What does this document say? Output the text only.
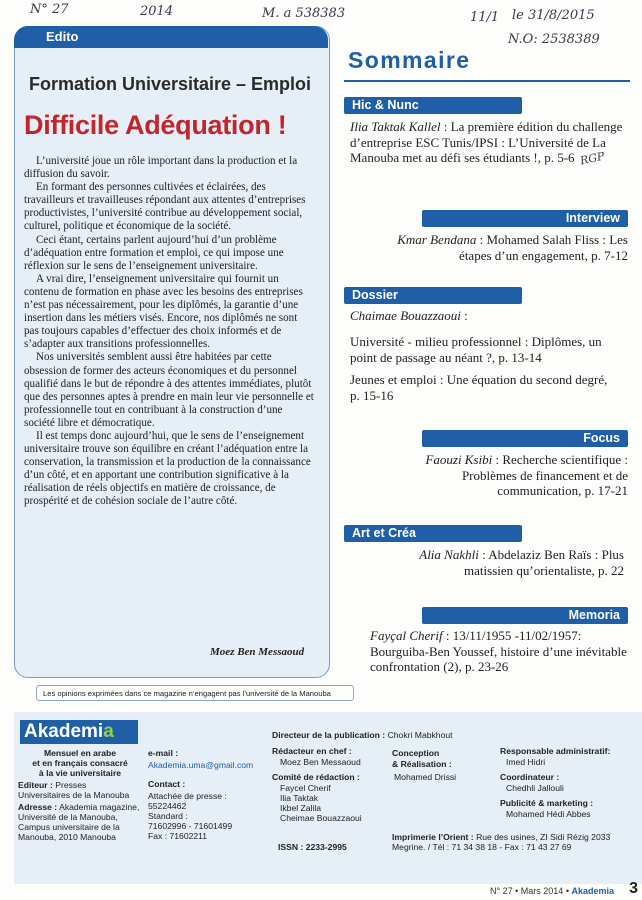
N° 27	2014	M. a 538383	11/1 le 31/8/2015
N.O: 2538389
RGP
Edito
Formation Universitaire – Emploi
Difficile Adéquation !

L’université joue un rôle important dans la production et la diffusion du savoir.

En formant des personnes cultivées et éclairées, des travailleurs et travailleuses répondant aux attentes d’entreprises productivistes, l’université contribue au développement social, culturel, politique et économique de la société.

Ceci étant, certains parlent aujourd’hui d’un problème d’adéquation entre formation et emploi, ce qui impose une réflexion sur le sens de l’enseignement universitaire.

A vrai dire, l’enseignement universitaire qui fournit un contenu de formation en phase avec les besoins des entreprises n’est pas nécessairement, pour les diplômés, la garantie d’une insertion dans les métiers visés. Encore, nos diplômés ne sont pas toujours capables d’effectuer des choix informés et de s’adapter aux transitions professionnelles.

Nos universités semblent aussi être habitées par cette obsession de former des acteurs économiques et du personnel qualifié dans le but de répondre à des attentes immédiates, plutôt que des personnes aptes à prendre en main leur vie personnelle et professionnelle tout en contribuant à la construction d’une société libre et démocratique.

Il est temps donc aujourd’hui, que le sens de l’enseignement universitaire trouve son équilibre en créant l’adéquation entre la conservation, la transmission et la production de la connaissance d’un côté, et en apportant une contribution significative à la réalisation de réels objectifs en matière de croissance, de prospérité et de cohésion sociale de l’autre côté.

Moez Ben Messaoud
Sommaire
Hic & Nunc
Ilia Taktak Kallel : La première édition du challenge d’entreprise ESC Tunis/IPSI : L’Université de La Manouba met au défi ses étudiants !, p. 5-6
Interview
Kmar Bendana : Mohamed Salah Fliss : Les étapes d’un engagement, p. 7-12
Dossier
Chaimae Bouazzaoui :
Université - milieu professionnel : Diplômes, un point de passage au néant ?, p. 13-14
Jeunes et emploi : Une équation du second degré, p. 15-16
Focus
Faouzi Ksibi : Recherche scientifique : Problèmes de financement et de communication, p. 17-21
Art et Créa
Alia Nakhli : Abdelaziz Ben Raïs : Plus matissien qu’orientaliste, p. 22
Memoria
Fayçal Cherif : 13/11/1955 -11/02/1957: Bourguiba-Ben Youssef, histoire d’une inévitable confrontation (2), p. 23-26
Les opinions exprimées dans ce magazine n’engagent pas l’université de la Manouba
Akademia
Mensuel en arabe
et en français consacré
à la vie universitaire
Editeur : Presses Universitaires de la Manouba
Adresse : Akademia magazine, Université de la Manouba, Campus universitaire de la Manouba, 2010 Manouba
e-mail :
Akademia.uma@gmail.com
Contact :
Attachée de presse :
55224462
Standard :
71602996 - 71601499
Fax : 71602211
Directeur de la publication : Chokri Mabkhout
Rédacteur en chef :
Moez Ben Messaoud
Comité de rédaction :
Faycel Cherif
Ilia Taktak
Ikbel Zalila
Cheimae Bouazzaoui
ISSN : 2233-2995
Conception
& Réalisation :
Mohamed Drissi
Responsable administratif:
Imed Hidri
Coordinateur :
Chedhli Jallouli
Publicité & marketing :
Mohamed Hédi Abbes
Imprimerie l’Orient : Rue des usines, ZI Sidi Rézig 2033 Megrine. / Tél : 71 34 38 18 - Fax : 71 43 27 69
N° 27 • Mars 2014 • Akademia 3
